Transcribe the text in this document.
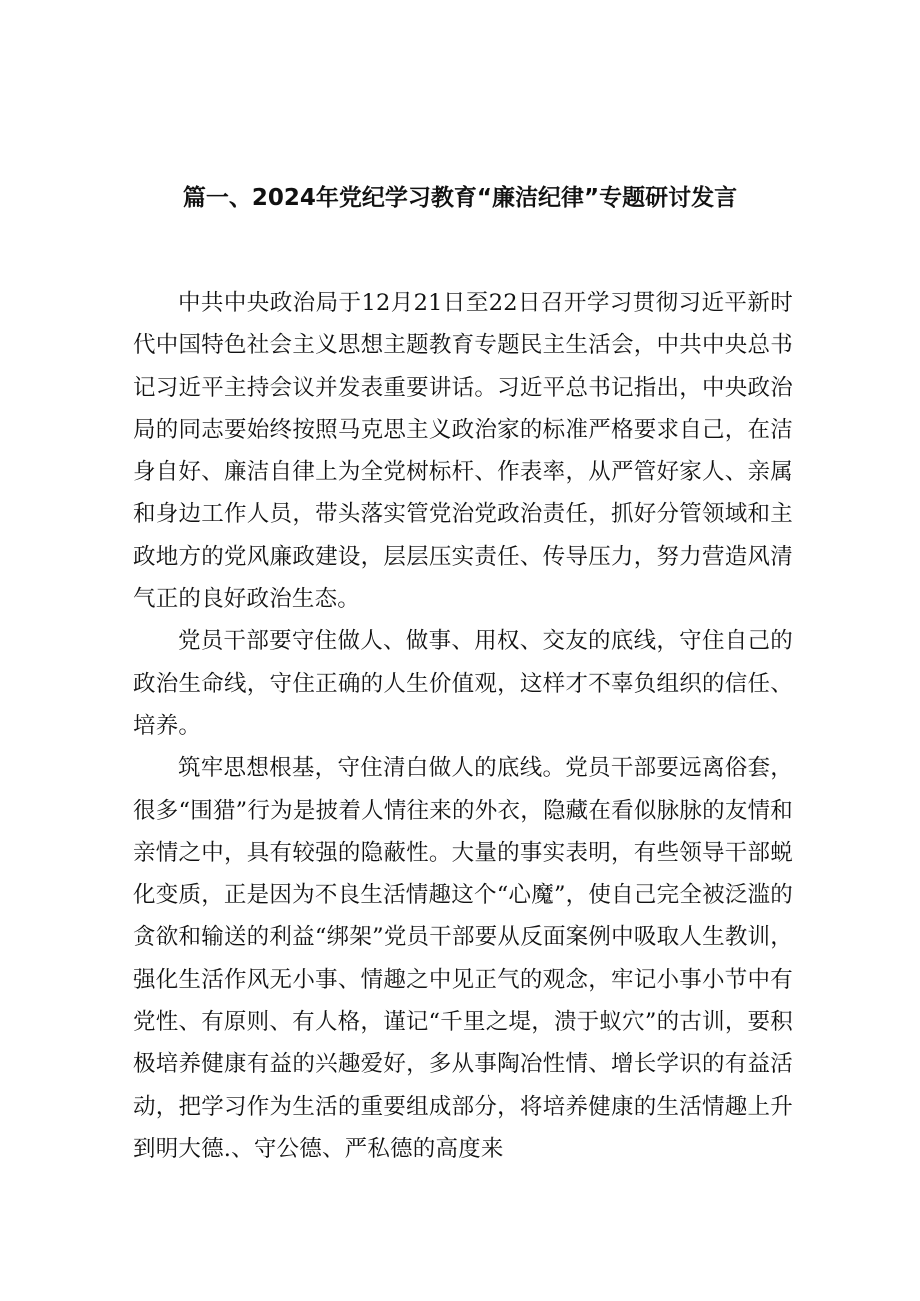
篇一、2024年党纪学习教育“廉洁纪律”专题研讨发言

中共中央政治局于12月21日至22日召开学习贯彻习近平新时代中国特色社会主义思想主题教育专题民主生活会，中共中央总书记习近平主持会议并发表重要讲话。习近平总书记指出，中央政治局的同志要始终按照马克思主义政治家的标准严格要求自己，在洁身自好、廉洁自律上为全党树标杆、作表率，从严管好家人、亲属和身边工作人员，带头落实管党治党政治责任，抓好分管领域和主政地方的党风廉政建设，层层压实责任、传导压力，努力营造风清气正的良好政治生态。

党员干部要守住做人、做事、用权、交友的底线，守住自己的政治生命线，守住正确的人生价值观，这样才不辜负组织的信任、培养。

筑牢思想根基，守住清白做人的底线。党员干部要远离俗套，很多“围猎”行为是披着人情往来的外衣，隐藏在看似脉脉的友情和亲情之中，具有较强的隐蔽性。大量的事实表明，有些领导干部蜕化变质，正是因为不良生活情趣这个“心魔”，使自己完全被泛滥的贪欲和输送的利益“绑架”党员干部要从反面案例中吸取人生教训，强化生活作风无小事、情趣之中见正气的观念，牢记小事小节中有党性、有原则、有人格，谨记“千里之堤，溃于蚁穴”的古训，要积极培养健康有益的兴趣爱好，多从事陶冶性情、增长学识的有益活动，把学习作为生活的重要组成部分，将培养健康的生活情趣上升到明大德.、守公德、严私德的高度来
